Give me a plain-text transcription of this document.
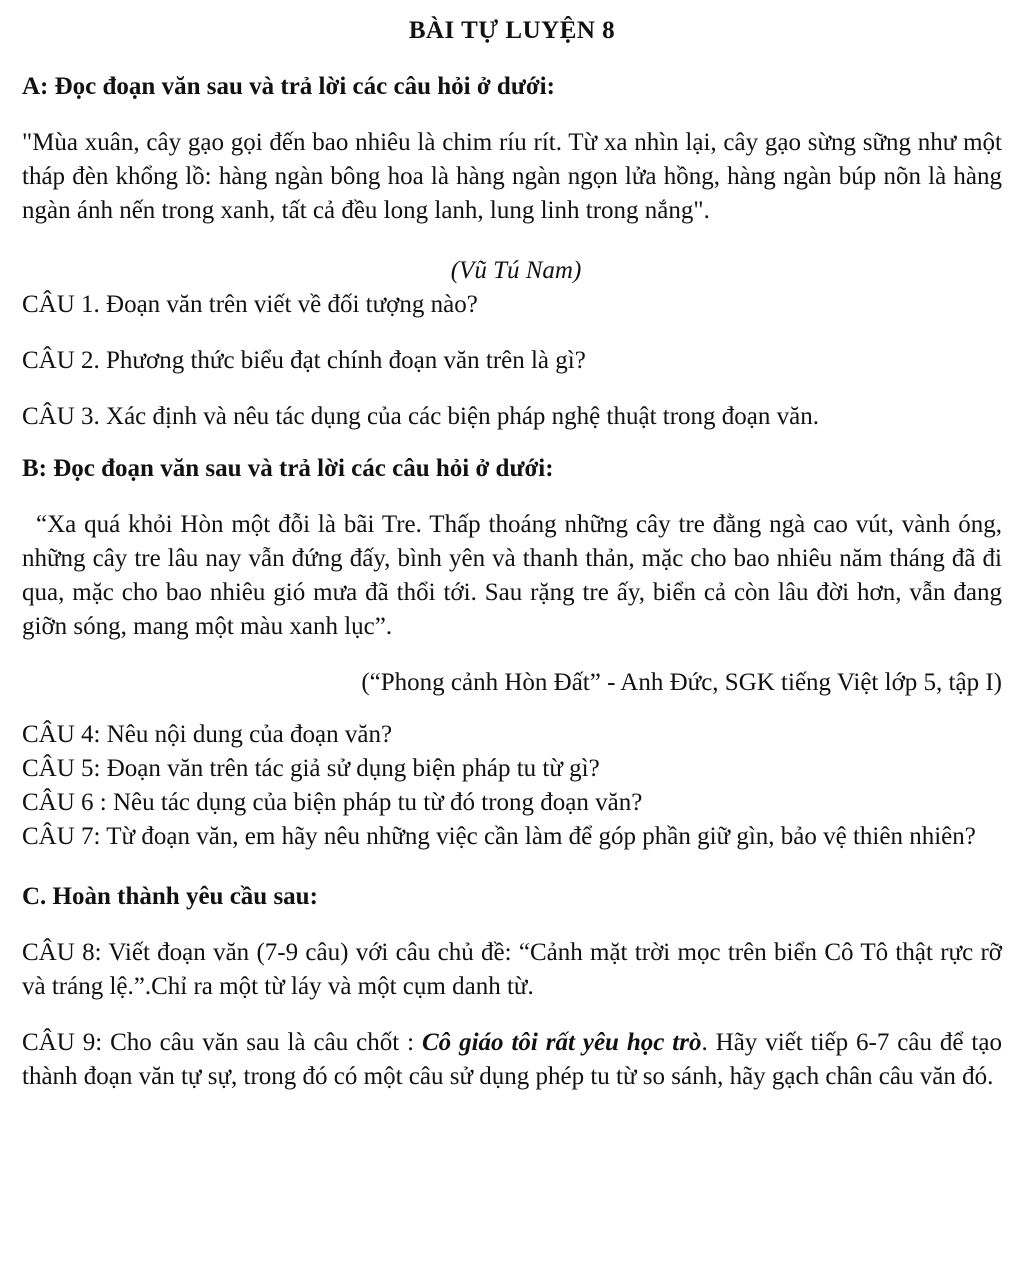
BÀI TỰ LUYỆN 8
A: Đọc đoạn văn sau và trả lời các câu hỏi ở dưới:

"Mùa xuân, cây gạo gọi đến bao nhiêu là chim ríu rít. Từ xa nhìn lại, cây gạo sừng sững như một tháp đèn khổng lồ: hàng ngàn bông hoa là hàng ngàn ngọn lửa hồng, hàng ngàn búp nõn là hàng ngàn ánh nến trong xanh, tất cả đều long lanh, lung linh trong nắng".

(Vũ Tú Nam)

CÂU 1. Đoạn văn trên viết về đối tượng nào?

CÂU 2. Phương thức biểu đạt chính đoạn văn trên là gì?

CÂU 3. Xác định và nêu tác dụng của các biện pháp nghệ thuật trong đoạn văn.

B: Đọc đoạn văn sau và trả lời các câu hỏi ở dưới:

“Xa quá khỏi Hòn một đỗi là bãi Tre. Thấp thoáng những cây tre đằng ngà cao vút, vành óng, những cây tre lâu nay vẫn đứng đấy, bình yên và thanh thản, mặc cho bao nhiêu năm tháng đã đi qua, mặc cho bao nhiêu gió mưa đã thổi tới. Sau rặng tre ấy, biển cả còn lâu đời hơn, vẫn đang giỡn sóng, mang một màu xanh lục”.

(“Phong cảnh Hòn Đất” - Anh Đức, SGK tiếng Việt lớp 5, tập I)

CÂU 4: Nêu nội dung của đoạn văn?

CÂU 5: Đoạn văn trên tác giả sử dụng biện pháp tu từ gì?

CÂU 6 : Nêu tác dụng của biện pháp tu từ đó trong đoạn văn?

CÂU 7: Từ đoạn văn, em hãy nêu những việc cần làm để góp phần giữ gìn, bảo vệ thiên nhiên?

C. Hoàn thành yêu cầu sau:

CÂU 8: Viết đoạn văn (7-9 câu) với câu chủ đề: “Cảnh mặt trời mọc trên biển Cô Tô thật rực rỡ và tráng lệ.”.Chỉ ra một từ láy và một cụm danh từ.

CÂU 9: Cho câu văn sau là câu chốt : Cô giáo tôi rất yêu học trò. Hãy viết tiếp 6-7 câu để tạo thành đoạn văn tự sự, trong đó có một câu sử dụng phép tu từ so sánh, hãy gạch chân câu văn đó.
